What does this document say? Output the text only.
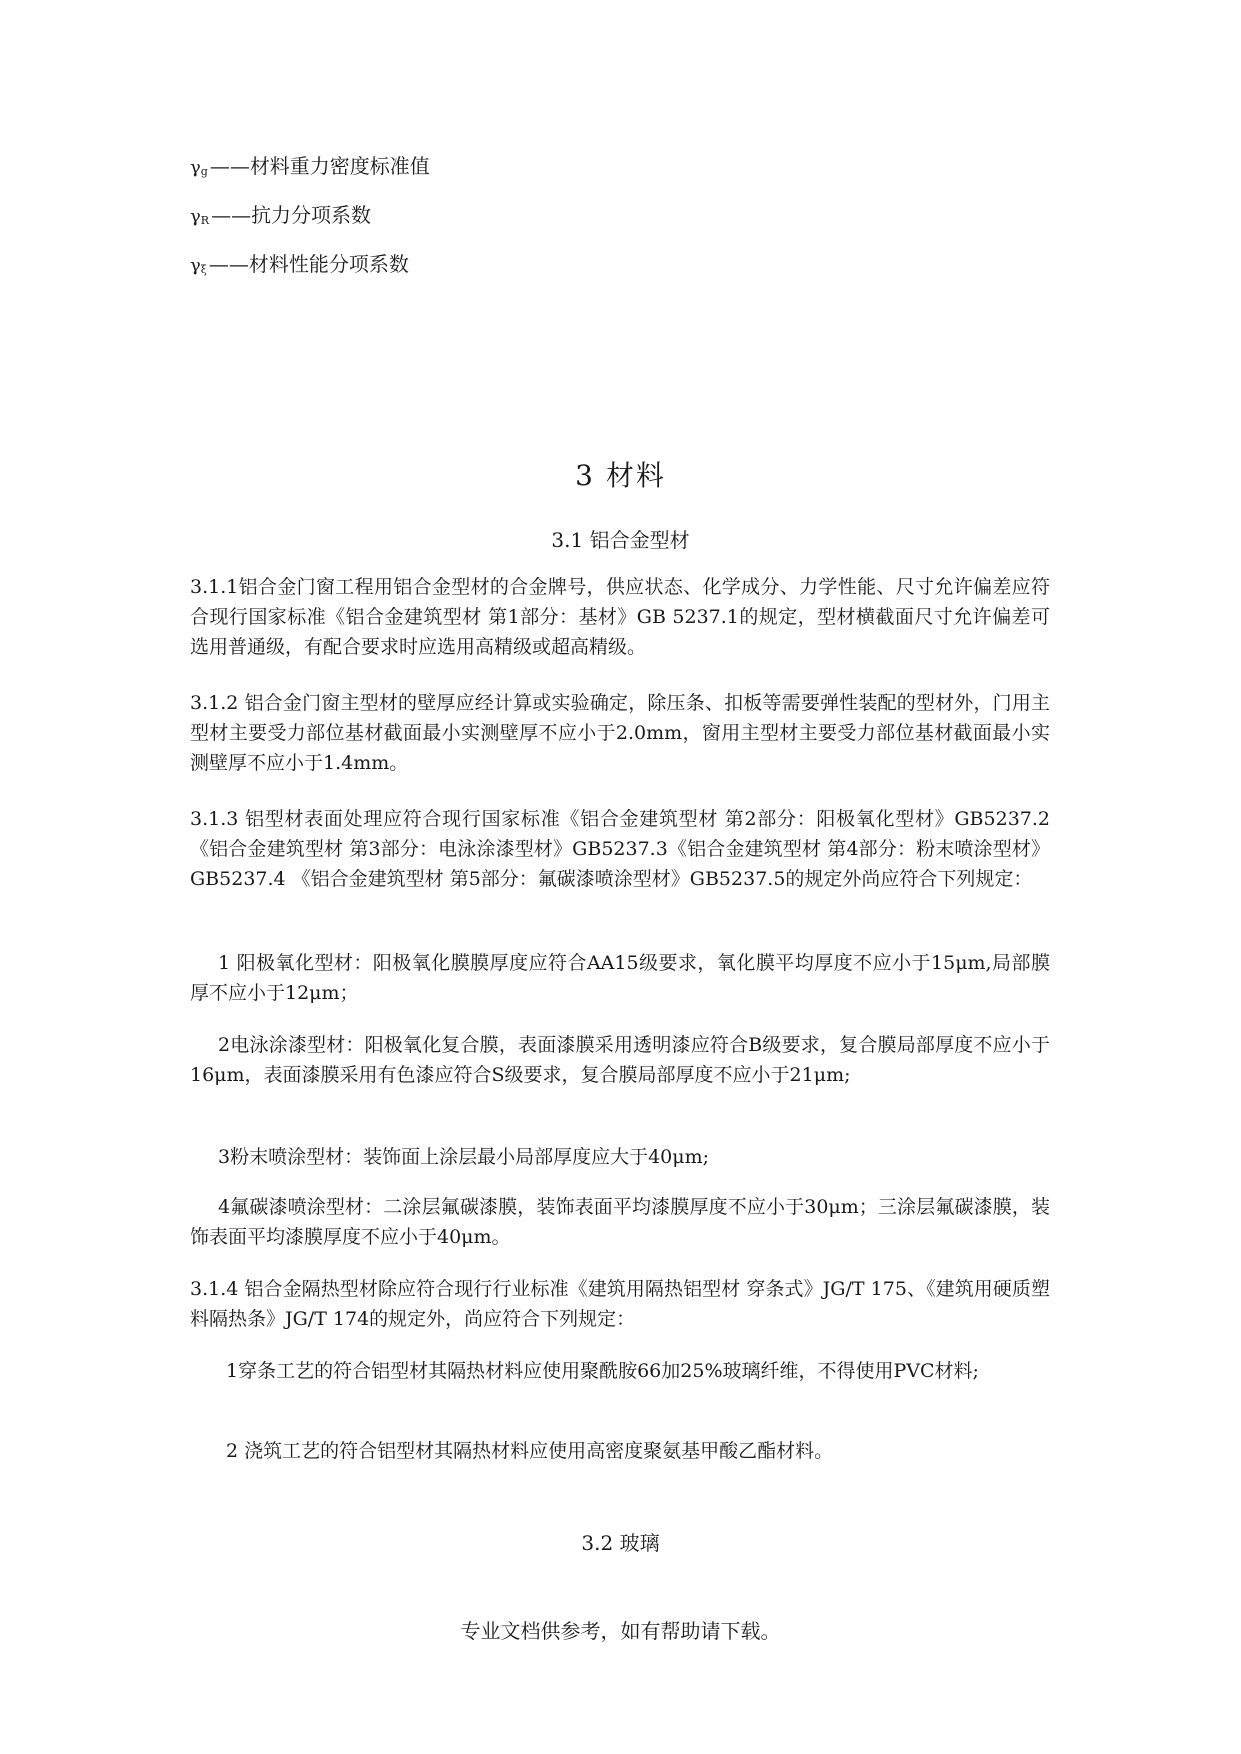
γg ——材料重力密度标准值
γR ——抗力分项系数
γξ ——材料性能分项系数
3 材料
3.1 铝合金型材

3.1.1铝合金门窗工程用铝合金型材的合金牌号，供应状态、化学成分、力学性能、尺寸允许偏差应符合现行国家标准《铝合金建筑型材 第1部分：基材》GB 5237.1的规定，型材横截面尺寸允许偏差可选用普通级，有配合要求时应选用高精级或超高精级。

3.1.2 铝合金门窗主型材的壁厚应经计算或实验确定，除压条、扣板等需要弹性装配的型材外，门用主型材主要受力部位基材截面最小实测壁厚不应小于2.0mm，窗用主型材主要受力部位基材截面最小实测壁厚不应小于1.4mm。

3.1.3 铝型材表面处理应符合现行国家标准《铝合金建筑型材 第2部分：阳极氧化型材》GB5237.2《铝合金建筑型材 第3部分：电泳涂漆型材》GB5237.3《铝合金建筑型材 第4部分：粉末喷涂型材》GB5237.4 《铝合金建筑型材 第5部分：氟碳漆喷涂型材》GB5237.5的规定外尚应符合下列规定：

1 阳极氧化型材：阳极氧化膜膜厚度应符合AA15级要求，氧化膜平均厚度不应小于15μm,局部膜厚不应小于12μm；

2电泳涂漆型材：阳极氧化复合膜，表面漆膜采用透明漆应符合B级要求，复合膜局部厚度不应小于16μm，表面漆膜采用有色漆应符合S级要求，复合膜局部厚度不应小于21μm;

3粉末喷涂型材：装饰面上涂层最小局部厚度应大于40μm;

4氟碳漆喷涂型材：二涂层氟碳漆膜，装饰表面平均漆膜厚度不应小于30μm；三涂层氟碳漆膜，装饰表面平均漆膜厚度不应小于40μm。

3.1.4 铝合金隔热型材除应符合现行行业标准《建筑用隔热铝型材 穿条式》JG/T 175、《建筑用硬质塑料隔热条》JG/T 174的规定外，尚应符合下列规定：

1穿条工艺的符合铝型材其隔热材料应使用聚酰胺66加25%玻璃纤维，不得使用PVC材料;

2 浇筑工艺的符合铝型材其隔热材料应使用高密度聚氨基甲酸乙酯材料。

3.2 玻璃
专业文档供参考，如有帮助请下载。
